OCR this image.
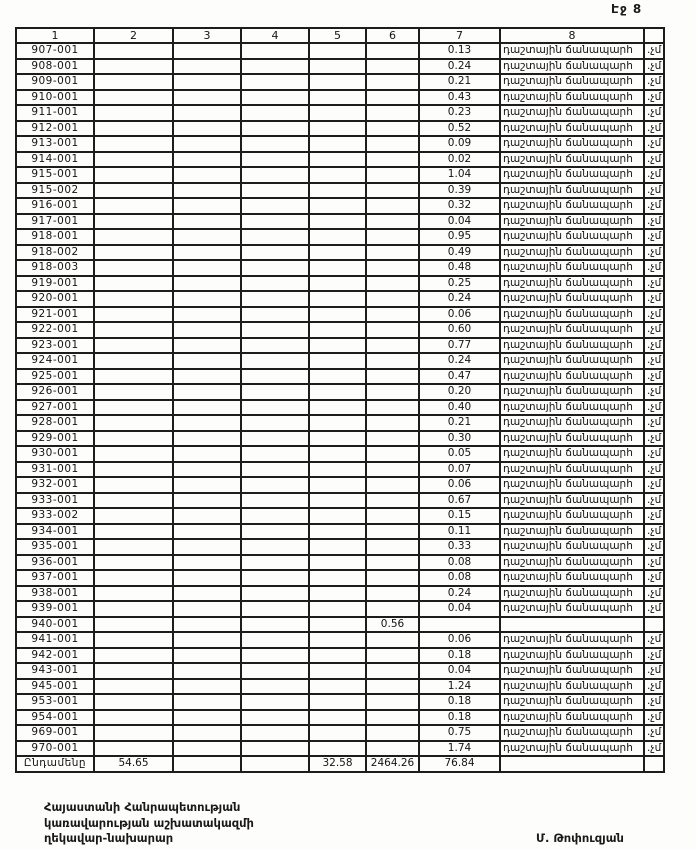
Էջ 8
1	2	3	4	5	6	7	8	
907-001						0.13	դաշտային ճանապարհ	.չմ
908-001						0.24	դաշտային ճանապարհ	.չմ
909-001						0.21	դաշտային ճանապարհ	.չմ
910-001						0.43	դաշտային ճանապարհ	.չմ
911-001						0.23	դաշտային ճանապարհ	.չմ
912-001						0.52	դաշտային ճանապարհ	.չմ
913-001						0.09	դաշտային ճանապարհ	.չմ
914-001						0.02	դաշտային ճանապարհ	.չմ
915-001						1.04	դաշտային ճանապարհ	.չմ
915-002						0.39	դաշտային ճանապարհ	.չմ
916-001						0.32	դաշտային ճանապարհ	.չմ
917-001						0.04	դաշտային ճանապարհ	.չմ
918-001						0.95	դաշտային ճանապարհ	.չմ
918-002						0.49	դաշտային ճանապարհ	.չմ
918-003						0.48	դաշտային ճանապարհ	.չմ
919-001						0.25	դաշտային ճանապարհ	.չմ
920-001						0.24	դաշտային ճանապարհ	.չմ
921-001						0.06	դաշտային ճանապարհ	.չմ
922-001						0.60	դաշտային ճանապարհ	.չմ
923-001						0.77	դաշտային ճանապարհ	.չմ
924-001						0.24	դաշտային ճանապարհ	.չմ
925-001						0.47	դաշտային ճանապարհ	.չմ
926-001						0.20	դաշտային ճանապարհ	.չմ
927-001						0.40	դաշտային ճանապարհ	.չմ
928-001						0.21	դաշտային ճանապարհ	.չմ
929-001						0.30	դաշտային ճանապարհ	.չմ
930-001						0.05	դաշտային ճանապարհ	.չմ
931-001						0.07	դաշտային ճանապարհ	.չմ
932-001						0.06	դաշտային ճանապարհ	.չմ
933-001						0.67	դաշտային ճանապարհ	.չմ
933-002						0.15	դաշտային ճանապարհ	.չմ
934-001						0.11	դաշտային ճանապարհ	.չմ
935-001						0.33	դաշտային ճանապարհ	.չմ
936-001						0.08	դաշտային ճանապարհ	.չմ
937-001						0.08	դաշտային ճանապարհ	.չմ
938-001						0.24	դաշտային ճանապարհ	.չմ
939-001						0.04	դաշտային ճանապարհ	.չմ
940-001					0.56			
941-001						0.06	դաշտային ճանապարհ	.չմ
942-001						0.18	դաշտային ճանապարհ	.չմ
943-001						0.04	դաշտային ճանապարհ	.չմ
945-001						1.24	դաշտային ճանապարհ	.չմ
953-001						0.18	դաշտային ճանապարհ	.չմ
954-001						0.18	դաշտային ճանապարհ	.չմ
969-001						0.75	դաշտային ճանապարհ	.չմ
970-001						1.74	դաշտային ճանապարհ	.չմ
Ընդամենը	54.65			32.58	2464.26	76.84		
Հայաստանի Հանրապետության
կառավարության աշխատակազմի
ղեկավար-նախարար	Մ. Թոփուզյան
